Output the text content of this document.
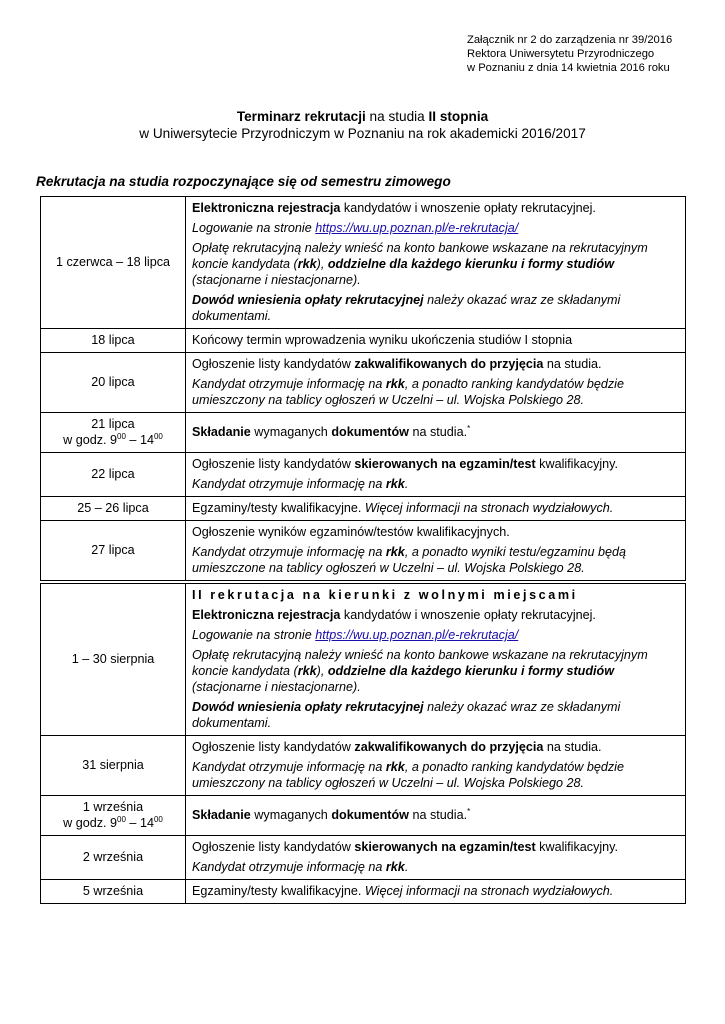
Załącznik nr 2 do zarządzenia nr 39/2016
Rektora Uniwersytetu Przyrodniczego
w Poznaniu z dnia 14 kwietnia 2016 roku
Terminarz rekrutacji na studia II stopnia
w Uniwersytecie Przyrodniczym w Poznaniu na rok akademicki 2016/2017
Rekrutacja na studia rozpoczynające się od semestru zimowego
1 czerwca – 18 lipca	Elektroniczna rejestracja kandydatów i wnoszenie opłaty rekrutacyjnej.

Logowanie na stronie https://wu.up.poznan.pl/e-rekrutacja/

Opłatę rekrutacyjną należy wnieść na konto bankowe wskazane na rekrutacyjnym koncie kandydata (rkk), oddzielne dla każdego kierunku i formy studiów (stacjonarne i niestacjonarne).

Dowód wniesienia opłaty rekrutacyjnej należy okazać wraz ze składanymi dokumentami.

18 lipca	Końcowy termin wprowadzenia wyniku ukończenia studiów I stopnia
20 lipca	Ogłoszenie listy kandydatów zakwalifikowanych do przyjęcia na studia.

Kandydat otrzymuje informację na rkk, a ponadto ranking kandydatów będzie umieszczony na tablicy ogłoszeń w Uczelni – ul. Wojska Polskiego 28.

21 lipca
w godz. $9^{00} - 14^{00}$	Składanie wymaganych dokumentów na studia.*
22 lipca	Ogłoszenie listy kandydatów skierowanych na egzamin/test kwalifikacyjny.

Kandydat otrzymuje informację na rkk.

25 – 26 lipca	Egzaminy/testy kwalifikacyjne. Więcej informacji na stronach wydziałowych.
27 lipca	Ogłoszenie wyników egzaminów/testów kwalifikacyjnych.

Kandydat otrzymuje informację na rkk, a ponadto wyniki testu/egzaminu będą umieszczone na tablicy ogłoszeń w Uczelni – ul. Wojska Polskiego 28.

1 – 30 sierpnia	II rekrutacja na kierunki z wolnymi miejscami

Elektroniczna rejestracja kandydatów i wnoszenie opłaty rekrutacyjnej.

Logowanie na stronie https://wu.up.poznan.pl/e-rekrutacja/

Opłatę rekrutacyjną należy wnieść na konto bankowe wskazane na rekrutacyjnym koncie kandydata (rkk), oddzielne dla każdego kierunku i formy studiów (stacjonarne i niestacjonarne).

Dowód wniesienia opłaty rekrutacyjnej należy okazać wraz ze składanymi dokumentami.

31 sierpnia	Ogłoszenie listy kandydatów zakwalifikowanych do przyjęcia na studia.

Kandydat otrzymuje informację na rkk, a ponadto ranking kandydatów będzie umieszczony na tablicy ogłoszeń w Uczelni – ul. Wojska Polskiego 28.

1 września
w godz. $9^{00} - 14^{00}$	Składanie wymaganych dokumentów na studia.*
2 września	Ogłoszenie listy kandydatów skierowanych na egzamin/test kwalifikacyjny.

Kandydat otrzymuje informację na rkk.

5 września	Egzaminy/testy kwalifikacyjne. Więcej informacji na stronach wydziałowych.
